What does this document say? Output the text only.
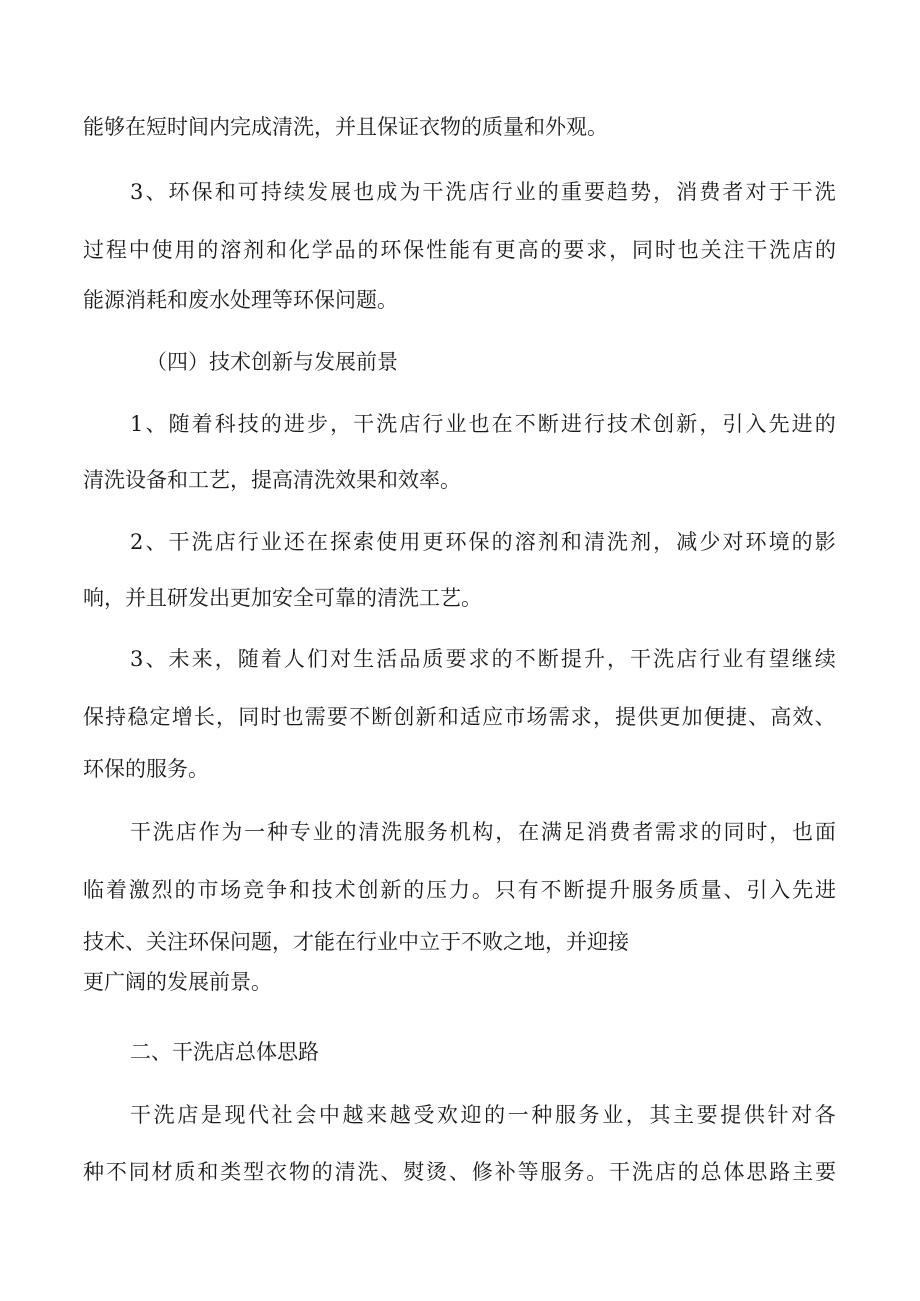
能够在短时间内完成清洗，并且保证衣物的质量和外观。

3 、 环 保 和 可 持 续 发 展 也 成 为 干 洗 店 行 业 的 重 要 趋 势 ， 消 费 者 对 于 干 洗

过 程 中 使 用 的 溶 剂 和 化 学 品 的 环 保 性 能 有 更 高 的 要 求 ， 同 时 也 关 注 干 洗 店 的

能源消耗和废水处理等环保问题。

（四）技术创新与发展前景

1 、 随 着 科 技 的 进 步 ， 干 洗 店 行 业 也 在 不 断 进 行 技 术 创 新 ， 引 入 先 进 的

清洗设备和工艺，提高清洗效果和效率。

2 、 干 洗 店 行 业 还 在 探 索 使 用 更 环 保 的 溶 剂 和 清 洗 剂 ， 减 少 对 环 境 的 影

响，并且研发出更加安全可靠的清洗工艺。

3 、 未 来 ， 随 着 人 们 对 生 活 品 质 要 求 的 不 断 提 升 ， 干 洗 店 行 业 有 望 继 续

保 持 稳 定 增 长 ， 同 时 也 需 要 不 断 创 新 和 适 应 市 场 需 求 ， 提 供 更 加 便 捷 、 高 效 、

环保的服务。

干 洗 店 作 为 一 种 专 业 的 清 洗 服 务 机 构 ， 在 满 足 消 费 者 需 求 的 同 时 ， 也 面

临 着 激 烈 的 市 场 竞 争 和 技 术 创 新 的 压 力 。 只 有 不 断 提 升 服 务 质 量 、 引 入 先 进

技术、关注环保问题，才能在行业中立于不败之地，并迎接

更广阔的发展前景。

二、干洗店总体思路

干 洗 店 是 现 代 社 会 中 越 来 越 受 欢 迎 的 一 种 服 务 业 ， 其 主 要 提 供 针 对 各

种 不 同 材 质 和 类 型 衣 物 的 清 洗 、 熨 烫 、 修 补 等 服 务 。 干 洗 店 的 总 体 思 路 主 要
